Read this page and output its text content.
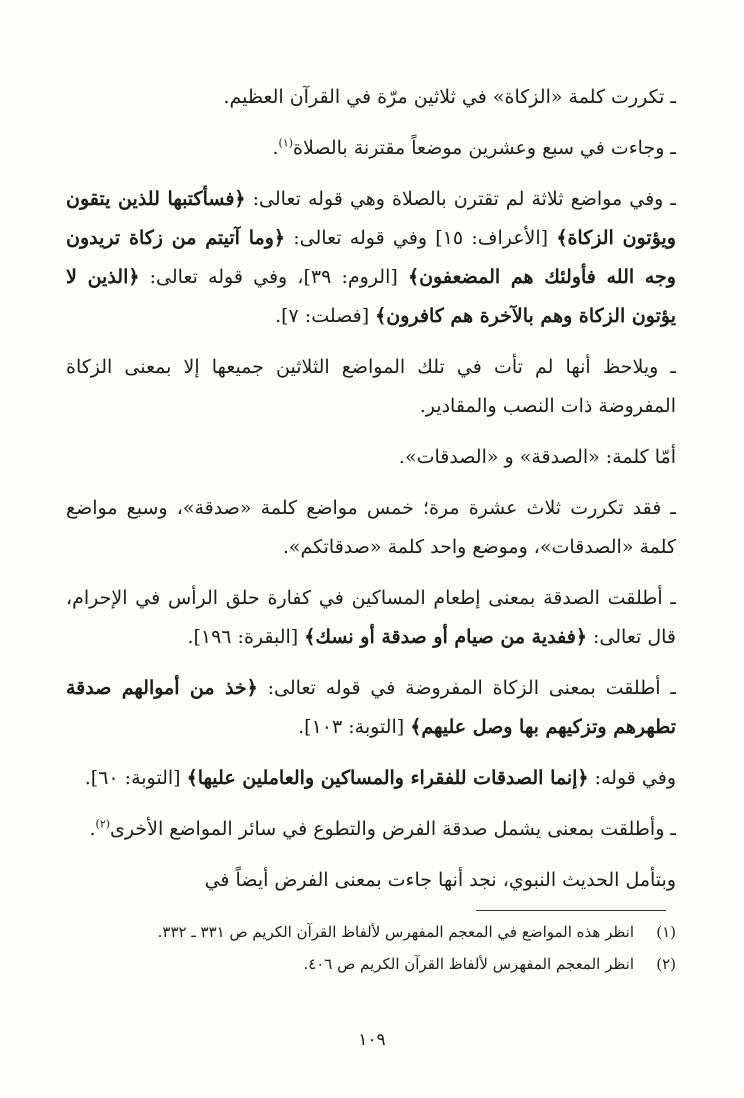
ـ تكررت كلمة «الزكاة» في ثلاثين مرّة في القرآن العظيم.

ـ وجاءت في سبع وعشرين موضعاً مقترنة بالصلاة$^{(١)}$.

ـ وفي مواضع ثلاثة لم تقترن بالصلاة وهي قوله تعالى: ﴿فسأكتبها للذين يتقون ويؤتون الزكاة﴾ [الأعراف: ١٥] وفي قوله تعالى: ﴿وما آتيتم من زكاة تريدون وجه الله فأولئك هم المضعفون﴾ [الروم: ٣٩]، وفي قوله تعالى: ﴿الذين لا يؤتون الزكاة وهم بالآخرة هم كافرون﴾ [فصلت: ٧].

ـ ويلاحظ أنها لم تأت في تلك المواضع الثلاثين جميعها إلا بمعنى الزكاة المفروضة ذات النصب والمقادير.

أمّا كلمة: «الصدقة» و «الصدقات».

ـ فقد تكررت ثلاث عشرة مرة؛ خمس مواضع كلمة «صدقة»، وسبع مواضع كلمة «الصدقات»، وموضع واحد كلمة «صدقاتكم».

ـ أطلقت الصدقة بمعنى إطعام المساكين في كفارة حلق الرأس في الإحرام، قال تعالى: ﴿ففدية من صيام أو صدقة أو نسك﴾ [البقرة: ١٩٦].

ـ أطلقت بمعنى الزكاة المفروضة في قوله تعالى: ﴿خذ من أموالهم صدقة تطهرهم وتزكيهم بها وصل عليهم﴾ [التوبة: ١٠٣].

وفي قوله: ﴿إنما الصدقات للفقراء والمساكين والعاملين عليها﴾ [التوبة: ٦٠].

ـ وأطلقت بمعنى يشمل صدقة الفرض والتطوع في سائر المواضع الأخرى$^{(٢)}$.

وبتأمل الحديث النبوي، نجد أنها جاءت بمعنى الفرض أيضاً في

(١)
انظر هذه المواضع في المعجم المفهرس لألفاظ القرآن الكريم ص ٣٣١ ـ ٣٣٢.
(٢)
انظر المعجم المفهرس لألفاظ القرآن الكريم ص ٤٠٦.
١٠٩
